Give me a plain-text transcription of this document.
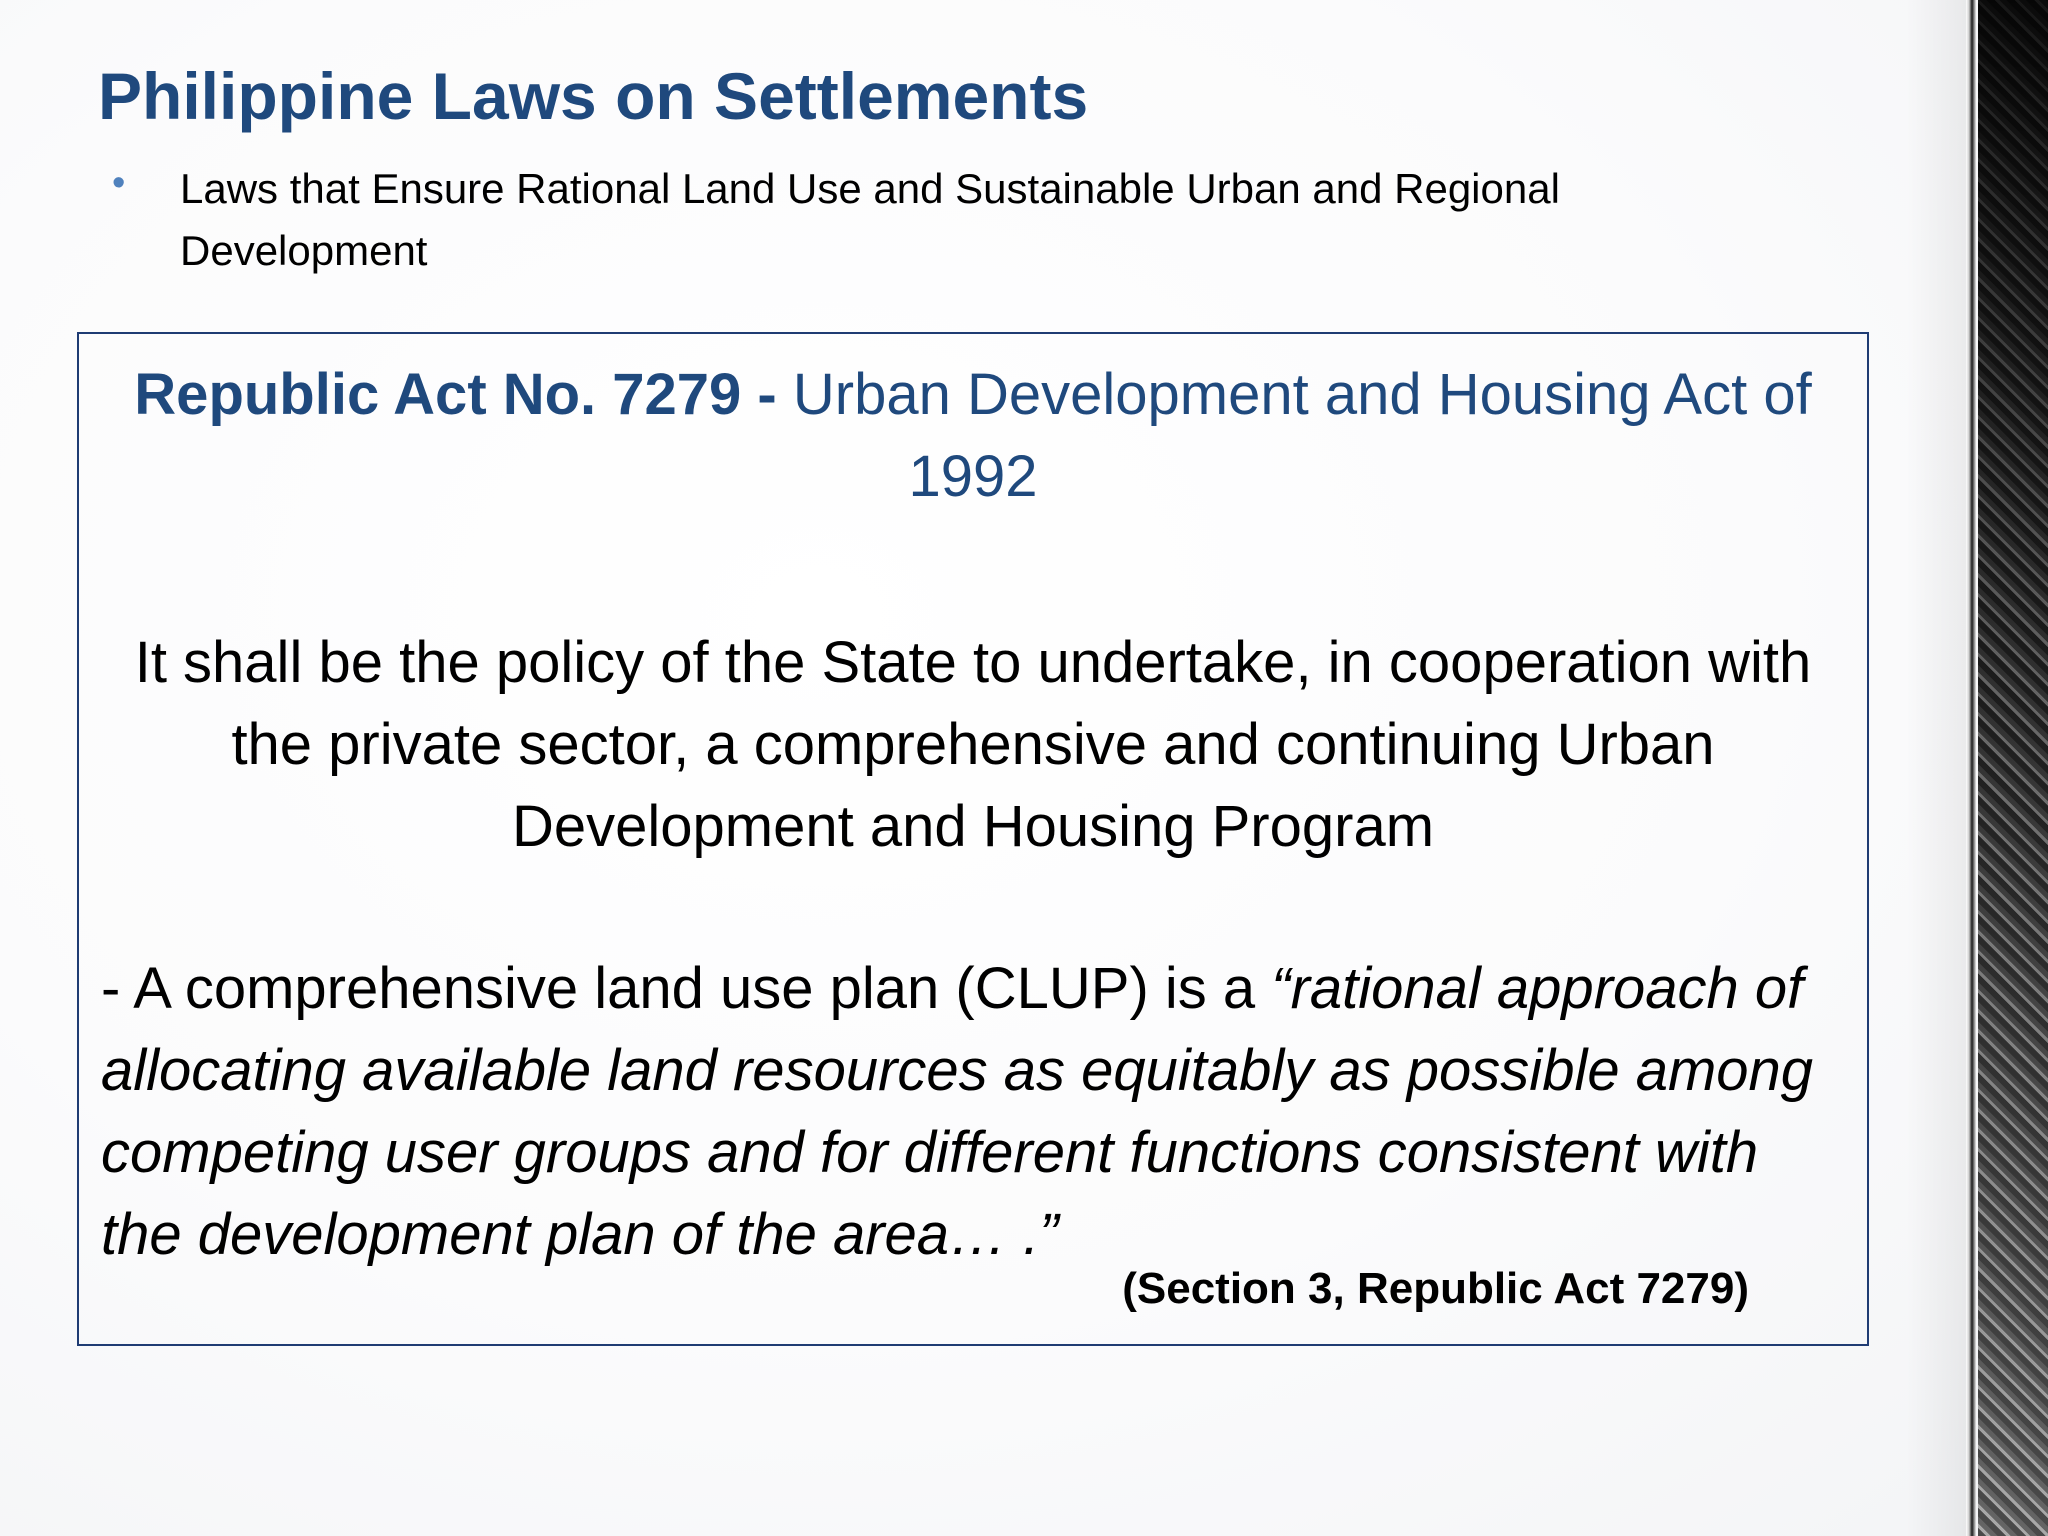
Philippine Laws on Settlements
•	Laws that Ensure Rational Land Use and Sustainable Urban and Regional Development

Republic Act No. 7279 - Urban Development and Housing Act of 1992

It shall be the policy of the State to undertake, in cooperation with the private sector, a comprehensive and continuing Urban Development and Housing Program

- A comprehensive land use plan (CLUP) is a “rational approach of allocating available land resources as equitably as possible among competing user groups and for different functions consistent with the development plan of the area… .”

(Section 3, Republic Act 7279)
